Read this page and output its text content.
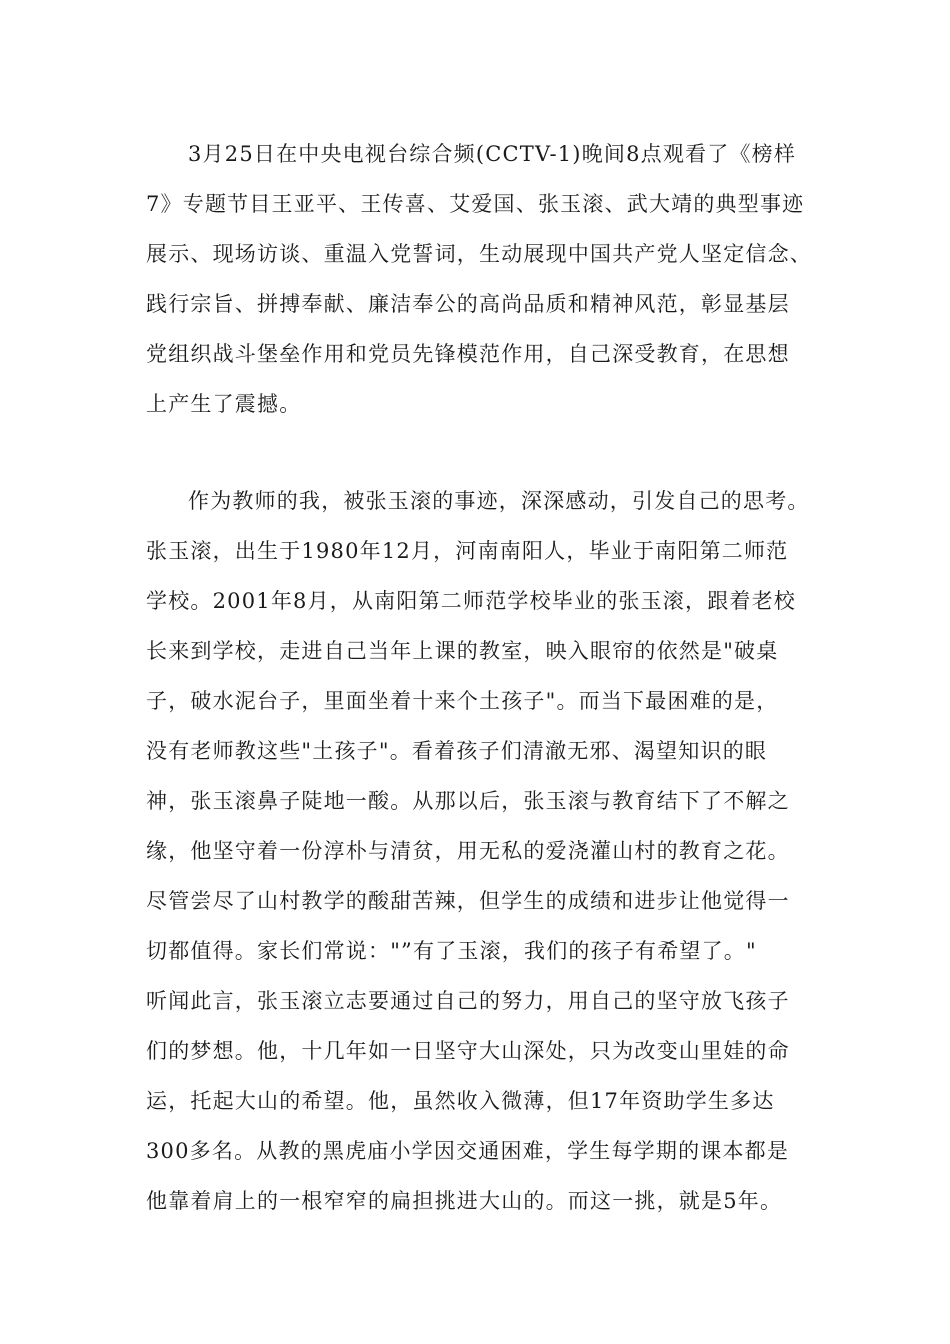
3月25日在中央电视台综合频(CCTV-1)晚间8点观看了《榜样
7》专题节目王亚平、王传喜、艾爱国、张玉滚、武大靖的典型事迹
展示、现场访谈、重温入党誓词，生动展现中国共产党人坚定信念、
践行宗旨、拼搏奉献、廉洁奉公的高尚品质和精神风范，彰显基层
党组织战斗堡垒作用和党员先锋模范作用，自己深受教育，在思想
上产生了震撼。
作为教师的我，被张玉滚的事迹，深深感动，引发自己的思考。
张玉滚，出生于1980年12月，河南南阳人，毕业于南阳第二师范
学校。2001年8月，从南阳第二师范学校毕业的张玉滚，跟着老校
长来到学校，走进自己当年上课的教室，映入眼帘的依然是"破桌
子，破水泥台子，里面坐着十来个土孩子"。而当下最困难的是，
没有老师教这些"土孩子"。看着孩子们清澈无邪、渴望知识的眼
神，张玉滚鼻子陡地一酸。从那以后，张玉滚与教育结下了不解之
缘，他坚守着一份淳朴与清贫，用无私的爱浇灌山村的教育之花。
尽管尝尽了山村教学的酸甜苦辣，但学生的成绩和进步让他觉得一
切都值得。家长们常说："”有了玉滚，我们的孩子有希望了。"
听闻此言，张玉滚立志要通过自己的努力，用自己的坚守放飞孩子
们的梦想。他，十几年如一日坚守大山深处，只为改变山里娃的命
运，托起大山的希望。他，虽然收入微薄，但17年资助学生多达
300多名。从教的黑虎庙小学因交通困难，学生每学期的课本都是
他靠着肩上的一根窄窄的扁担挑进大山的。而这一挑，就是5年。
